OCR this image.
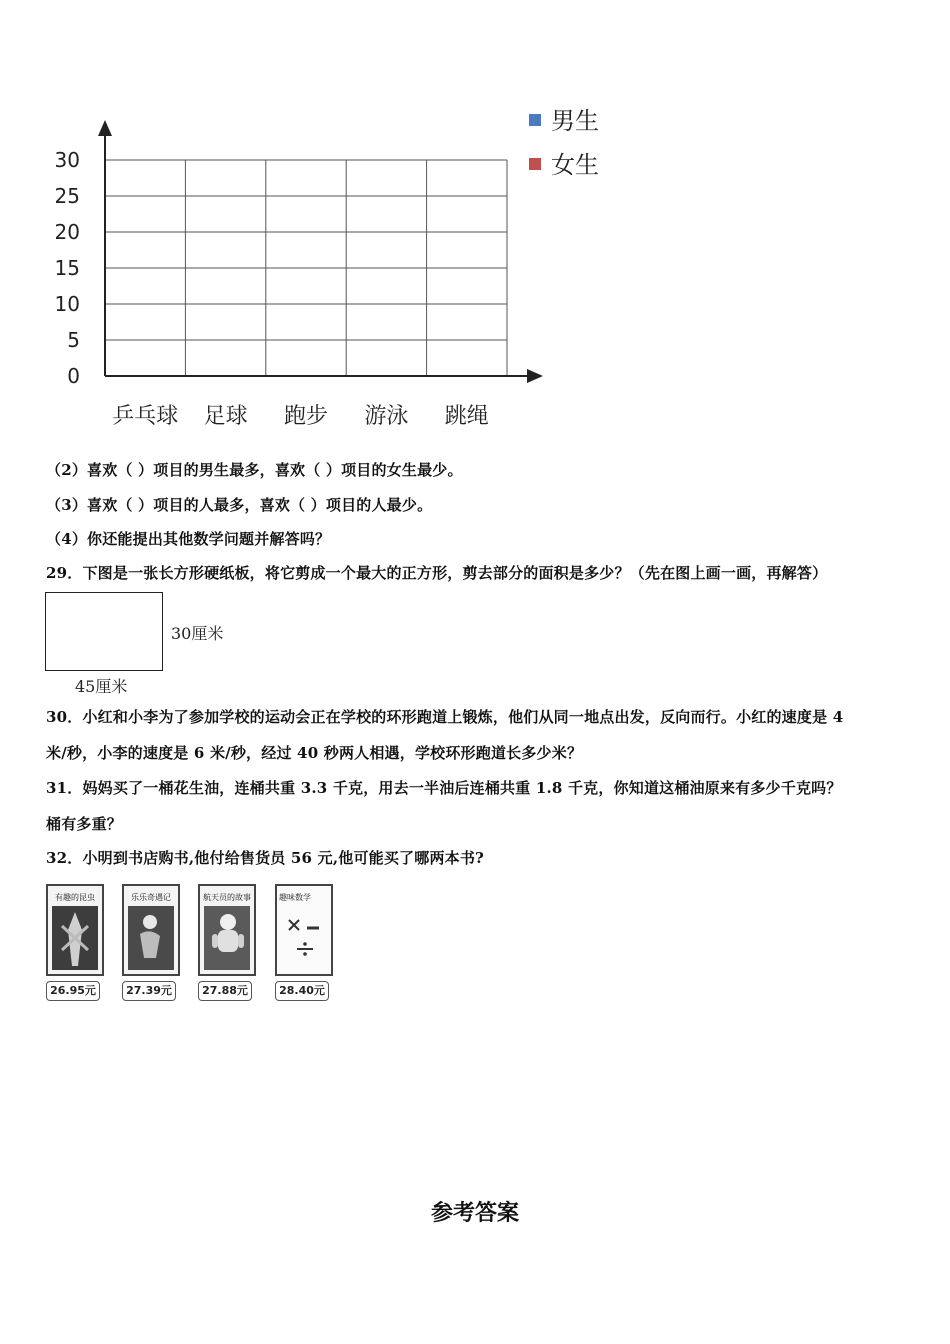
0
5
10
15
20
25
30
乒乓球 足球 跑步 游泳 跳绳
男生
女生
（2）喜欢（ ）项目的男生最多，喜欢（ ）项目的女生最少。
（3）喜欢（ ）项目的人最多，喜欢（ ）项目的人最少。
（4）你还能提出其他数学问题并解答吗？
29．下图是一张长方形硬纸板，将它剪成一个最大的正方形，剪去部分的面积是多少？（先在图上画一画，再解答）
30厘米
45厘米
30．小红和小李为了参加学校的运动会正在学校的环形跑道上锻炼，他们从同一地点出发，反向而行。小红的速度是 4
米/秒，小李的速度是 6 米/秒，经过 40 秒两人相遇，学校环形跑道长多少米？
31．妈妈买了一桶花生油，连桶共重 3.3 千克，用去一半油后连桶共重 1.8 千克，你知道这桶油原来有多少千克吗？
桶有多重？
32．小明到书店购书,他付给售货员 56 元,他可能买了哪两本书?
有趣的昆虫	乐乐奇遇记	航天员的故事	趣味数学
26.95元	27.39元	27.88元	28.40元
参考答案
